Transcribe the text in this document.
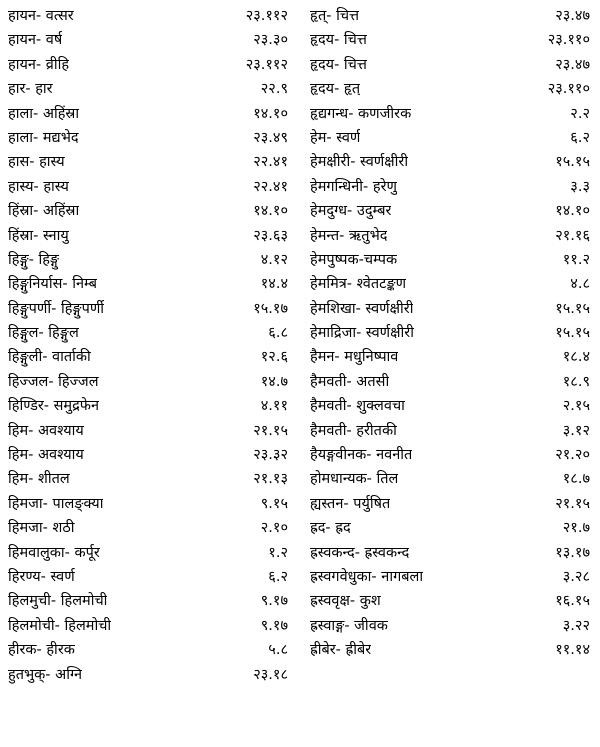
हायन- वत्सर	२३.११२
हायन- वर्ष	२३.३०
हायन- व्रीहि	२३.११२
हार- हार	२२.९
हाला- अहिंस्रा	१४.१०
हाला- मद्यभेद	२३.४९
हास- हास्य	२२.४१
हास्य- हास्य	२२.४१
हिंस्रा- अहिंस्रा	१४.१०
हिंस्रा- स्नायु	२३.६३
हिङ्गु- हिङ्गु	४.१२
हिङ्गुनिर्यास- निम्ब	१४.४
हिङ्गुपर्णी- हिङ्गुपर्णी	१५.१७
हिङ्गुल- हिङ्गुल	६.८
हिङ्गुली- वार्ताकी	१२.६
हिज्जल- हिज्जल	१४.७
हिण्डिर- समुद्रफेन	४.११
हिम- अवश्याय	२१.१५
हिम- अवश्याय	२३.३२
हिम- शीतल	२१.१३
हिमजा- पालङ्क्या	९.१५
हिमजा- शठी	२.१०
हिमवालुका- कर्पूर	१.२
हिरण्य- स्वर्ण	६.२
हिलमुची- हिलमोची	९.१७
हिलमोची- हिलमोची	९.१७
हीरक- हीरक	५.८
हुतभुक्- अग्नि	२३.१८
हृत्- चित्त	२३.४७
हृदय- चित्त	२३.११०
हृदय- चित्त	२३.४७
हृदय- हृत्	२३.११०
हृद्यगन्ध- कणजीरक	२.२
हेम- स्वर्ण	६.२
हेमक्षीरी- स्वर्णक्षीरी	१५.१५
हेमगन्धिनी- हरेणु	३.३
हेमदुग्ध- उदुम्बर	१४.१०
हेमन्त- ऋतुभेद	२१.१६
हेमपुष्पक-चम्पक	११.२
हेममित्र- श्वेतटङ्कण	४.८
हेमशिखा- स्वर्णक्षीरी	१५.१५
हेमाद्रिजा- स्वर्णक्षीरी	१५.१५
हैमन- मधुनिष्पाव	१८.४
हैमवती- अतसी	१८.९
हैमवती- शुक्लवचा	२.१५
हैमवती- हरीतकी	३.१२
हैयङ्गवीनक- नवनीत	२१.२०
होमधान्यक- तिल	१८.७
ह्यस्तन- पर्युषित	२१.१५
ह्रद- ह्रद	२१.७
ह्रस्वकन्द- ह्रस्वकन्द	१३.१७
ह्रस्वगवेधुका- नागबला	३.२८
ह्रस्ववृक्ष- कुश	१६.१५
ह्रस्वाङ्ग- जीवक	३.२२
ह्रीबेर- ह्रीबेर	११.१४
